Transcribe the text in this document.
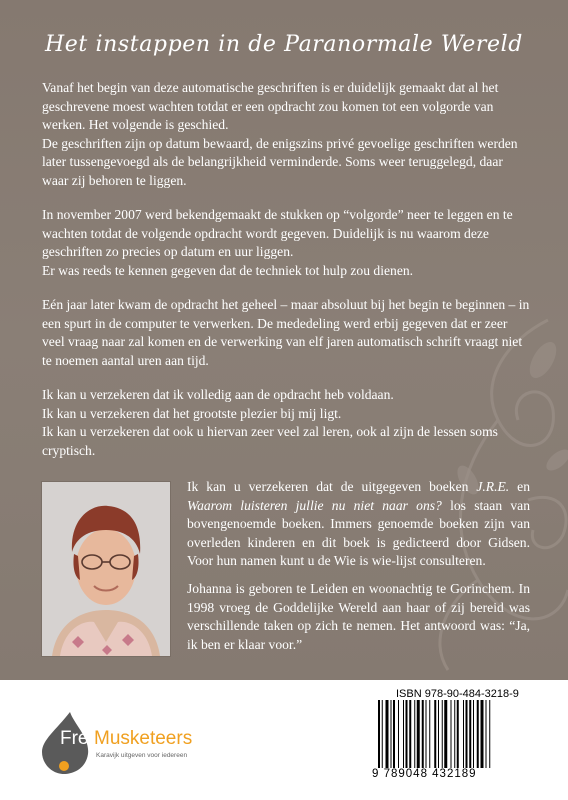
Het instappen in de Paranormale Wereld

Vanaf het begin van deze automatische geschriften is er duidelijk gemaakt dat al het geschrevene moest wachten totdat er een opdracht zou komen tot een volgorde van werken. Het volgende is geschied.

De geschriften zijn op datum bewaard, de enigszins privé gevoelige geschriften werden later tussengevoegd als de belangrijkheid verminderde. Soms weer teruggelegd, daar waar zij behoren te liggen.

In november 2007 werd bekendgemaakt de stukken op “volgorde” neer te leggen en te wachten totdat de volgende opdracht wordt gegeven. Duidelijk is nu waarom deze geschriften zo precies op datum en uur liggen.

Er was reeds te kennen gegeven dat de techniek tot hulp zou dienen.

Eén jaar later kwam de opdracht het geheel – maar absoluut bij het begin te beginnen – in een spurt in de computer te verwerken. De mededeling werd erbij gegeven dat er zeer veel vraag naar zal komen en de verwerking van elf jaren automatisch schrift vraagt niet te noemen aantal uren aan tijd.

Ik kan u verzekeren dat ik volledig aan de opdracht heb voldaan.

Ik kan u verzekeren dat het grootste plezier bij mij ligt.

Ik kan u verzekeren dat ook u hiervan zeer veel zal leren, ook al zijn de lessen soms cryptisch.

Ik kan u verzekeren dat de uitgegeven boeken J.R.E. en Waarom luisteren jullie nu niet naar ons? los staan van bovengenoemde boeken. Immers genoemde boeken zijn van overleden kinderen en dit boek is gedicteerd door Gidsen. Voor hun namen kunt u de Wie is wie-lijst consulteren.

Johanna is geboren te Leiden en woonachtig te Gorinchem. In 1998 vroeg de Goddelijke Wereld aan haar of zij bereid was verschillende taken op zich te nemen. Het antwoord was: “Ja, ik ben er klaar voor.”

Free
Musketeers
Karavijk uitgeven voor iedereen
ISBN 978-90-484-3218-9
9 789048 432189
